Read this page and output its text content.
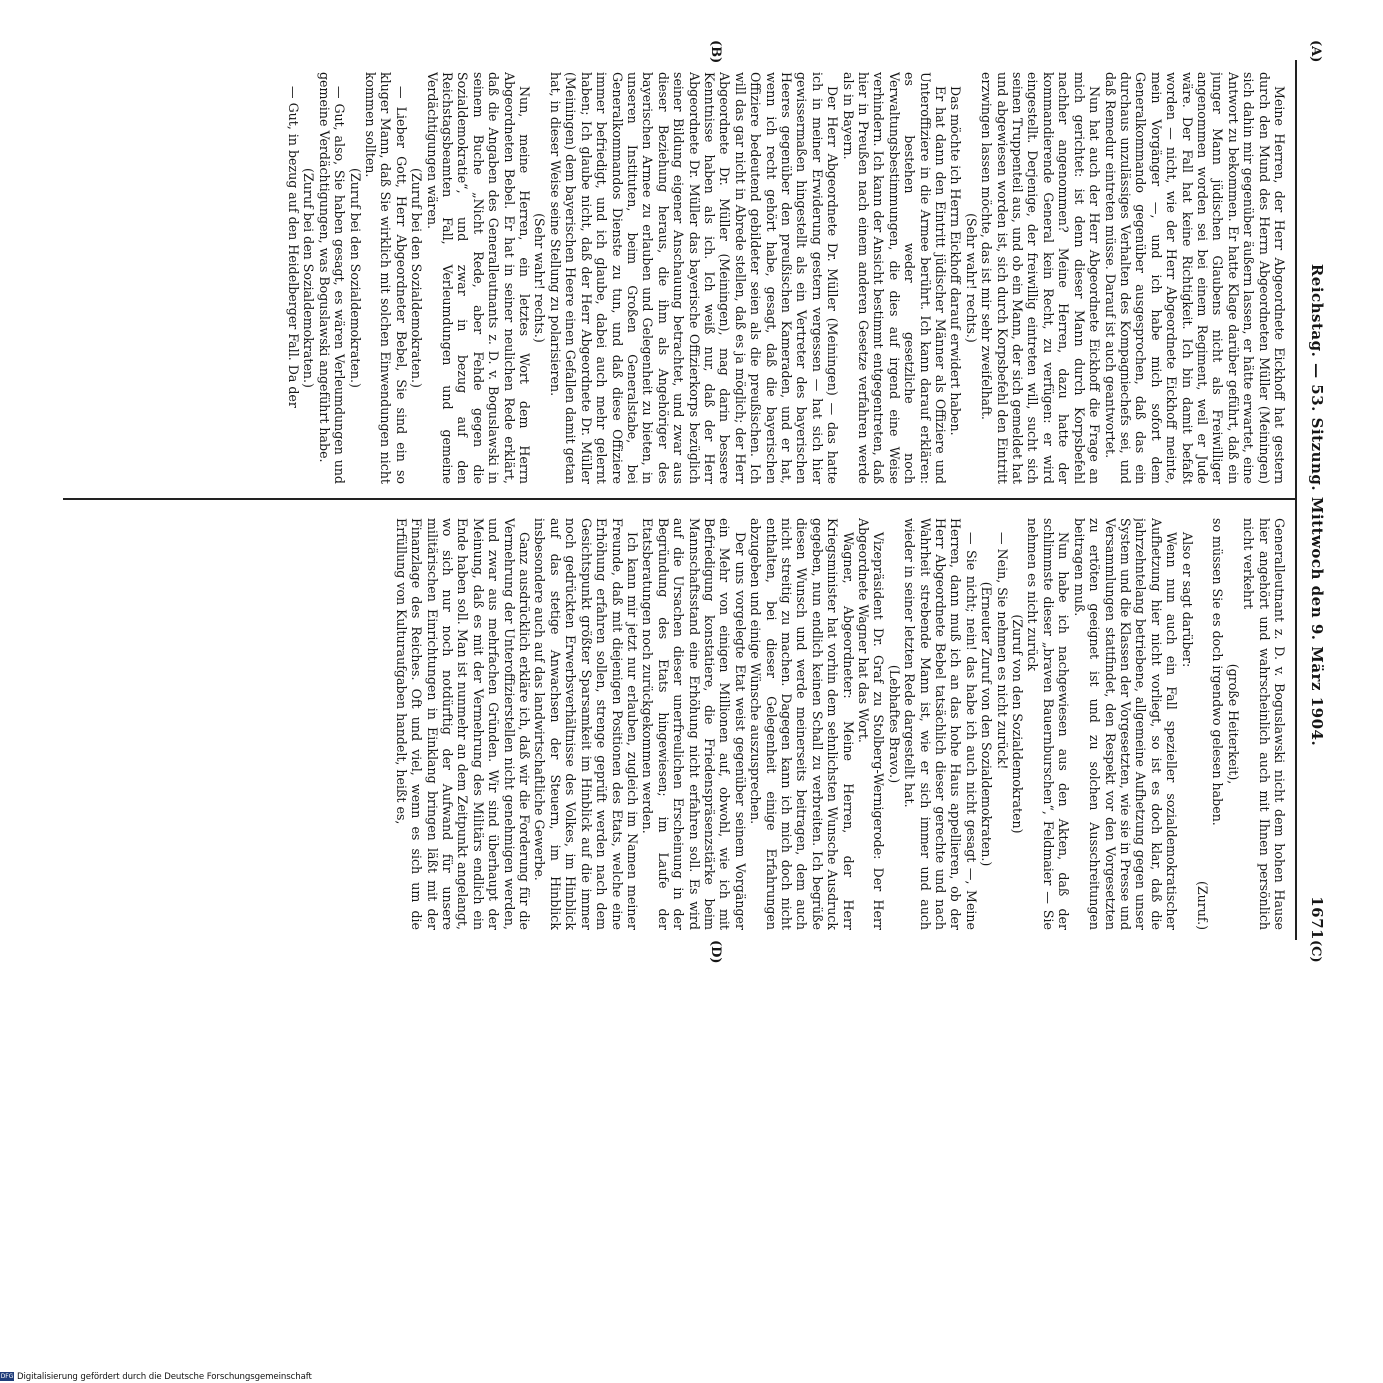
Reichstag. — 53. Sitzung. Mittwoch den 9. März 1904.
1671
(A)
(B)
(C)
(D)

Meine Herren, der Herr Abgeordnete Eickhoff hat gestern durch den Mund des Herrn Abgeordneten Müller (Meiningen) sich dahin mir gegenüber äußern lassen, er hätte erwartet, eine Antwort zu bekommen. Er hatte Klage darüber geführt, daß ein junger Mann jüdischen Glaubens nicht als Freiwilliger angenommen worden sei bei einem Regiment, weil er Jude wäre. Der Fall hat keine Richtigkeit. Ich bin damit befaßt worden — nicht, wie der Herr Abgeordnete Eickhoff meinte, mein Vorgänger —, und ich habe mich sofort dem Generalkommando gegenüber ausgesprochen, daß das ein durchaus unzulässiges Verhalten des Kompagniechefs sei, und daß Remedur eintreten müsse. Darauf ist auch geantwortet.

Nun hat auch der Herr Abgeordnete Eickhoff die Frage an mich gerichtet: ist denn dieser Mann durch Korpsbefehl nachher angenommen? Meine Herren, dazu hatte der kommandierende General kein Recht, zu verfügen: er wird eingestellt. Derjenige, der freiwillig eintreten will, sucht sich seinen Truppenteil aus, und ob ein Mann, der sich gemeldet hat und abgewiesen worden ist, sich durch Korpsbefehl den Eintritt erzwingen lassen möchte, das ist mir sehr zweifelhaft.

(Sehr wahr! rechts.)

Das möchte ich Herrn Eickhoff darauf erwidert haben.

Er hat dann den Eintritt jüdischer Männer als Offiziere und Unteroffiziere in die Armee berührt. Ich kann darauf erklären: es bestehen weder gesetzliche noch Verwaltungsbestimmungen, die dies auf irgend eine Weise verhindern. Ich kann der Ansicht bestimmt entgegentreten, daß hier in Preußen nach einem anderen Gesetze verfahren werde als in Bayern.

Der Herr Abgeordnete Dr. Müller (Meiningen) — das hatte ich in meiner Erwiderung gestern vergessen — hat sich hier gewissermaßen hingestellt als ein Vertreter des bayerischen Heeres gegenüber den preußischen Kameraden, und er hat, wenn ich recht gehört habe, gesagt, daß die bayerischen Offiziere bedeutend gebildeter seien als die preußischen. Ich will das gar nicht in Abrede stellen, daß es ja möglich; der Herr Abgeordnete Dr. Müller (Meiningen), mag darin bessere Kenntnisse haben als ich. Ich weiß nur, daß der Herr Abgeordnete Dr. Müller das bayerische Offizierkorps bezüglich seiner Bildung eigener Anschauung betrachtet, und zwar aus dieser Beziehung heraus, die ihm als Angehöriger des bayerischen Armee zu erlauben und Gelegenheit zu bieten, in unseren Instituten, beim Großen Generalstabe, bei Generalkommandos Dienste zu tun, und daß diese Offiziere immer befriedigt, und ich glaube, dabei auch mehr gelernt haben; Ich glaube nicht, daß der Herr Abgeordnete Dr. Müller (Meiningen) dem bayerischen Heere einen Gefallen damit getan hat, in dieser Weise seine Stellung zu polarisieren.

(Sehr wahr! rechts.)

Nun, meine Herren, ein letztes Wort dem Herrn Abgeordneten Bebel. Er hat in seiner neulichen Rede erklärt, daß die Angaben des Generalleutnants z. D. v. Boguslawski in seinem Buche „Nicht Rede, aber Fehde gegen die Sozialdemokratie“, und zwar in bezug auf den Reichstagsbeamten Fall, Verleumdungen und gemeine Verdächtigungen wären.

(Zuruf bei den Sozialdemokraten.)

— Lieber Gott, Herr Abgeordneter Bebel, Sie sind ein so kluger Mann, daß Sie wirklich mit solchen Einwendungen nicht kommen sollten.

(Zuruf bei den Sozialdemokraten.)

— Gut, also, Sie haben gesagt, es wären Verleumdungen und gemeine Verdächtigungen, was Boguslawski angeführt habe.

(Zuruf bei den Sozialdemokraten.)

— Gut, in bezug auf den Heidelberger Fall. Da der

Generalleutnant z. D. v. Boguslawski nicht dem hohen Hause hier angehört und wahrscheinlich auch mit Ihnen persönlich nicht verkehrt

(große Heiterkeit),

so müssen Sie es doch irgendwo gelesen haben.

(Zuruf.)

Also er sagt darüber:

Wenn nun auch ein Fall spezieller sozialdemokratischer Aufhetzung hier nicht vorliegt, so ist es doch klar, daß die jahrzehntelang betriebene, allgemeine Aufhetzung gegen unser System und die Klassen der Vorgesetzten, wie sie in Presse und Versammlungen stattfindet, den Respekt vor den Vorgesetzten zu ertöten geeignet ist und zu solchen Ausschreitungen beitragen muß.

Nun habe ich nachgewiesen aus den Akten, daß der schlimmste dieser „braven Bauernburschen“, Feldmaier — Sie nehmen es nicht zurück

(Zuruf von den Sozialdemokraten)

— Nein, Sie nehmen es nicht zurück!

(Erneuter Zuruf von den Sozialdemokraten.)

— Sie nicht; nein! das habe ich auch nicht gesagt —, Meine Herren, dann muß ich an das hohe Haus appellieren, ob der Herr Abgeordnete Bebel tatsächlich dieser gerechte und nach Wahrheit strebende Mann ist, wie er sich immer und auch wieder in seiner letzten Rede dargestellt hat.

(Lebhaftes Bravo.)

Vizepräsident Dr. Graf zu Stolberg-Wernigerode: Der Herr Abgeordnete Wagner hat das Wort.

Wagner, Abgeordneter: Meine Herren, der Herr Kriegsminister hat vorhin dem sehnlichsten Wunsche Ausdruck gegeben, nun endlich keinen Schall zu verbreiten. Ich begrüße diesen Wunsch und werde meinerseits beitragen, dem auch nicht streitig zu machen. Dagegen kann ich mich doch nicht enthalten, bei dieser Gelegenheit einige Erfahrungen abzugeben und einige Wünsche auszusprechen.

Der uns vorgelegte Etat weist gegenüber seinem Vorgänger ein Mehr von einigen Millionen auf, obwohl, wie ich mit Befriedigung konstatiere, die Friedenspräsenzstärke beim Mannschaftsstand eine Erhöhung nicht erfahren soll. Es wird auf die Ursachen dieser unerfreulichen Erscheinung in der Begründung des Etats hingewiesen; im Laufe der Etatsberatungen noch zurückgekommen werden.

Ich kann mir jetzt nur erlauben, zugleich im Namen meiner Freunde, daß mit diejenigen Positionen des Etats, welche eine Erhöhung erfahren sollen, strenge geprüft werden nach dem Gesichtspunkt größter Sparsamkeit im Hinblick auf die immer noch gedrückten Erwerbsverhältnisse des Volkes, im Hinblick auf das stetige Anwachsen der Steuern, im Hinblick insbesondere auch auf das landwirtschaftliche Gewerbe.

Ganz ausdrücklich erkläre ich, daß wir die Forderung für die Vermehrung der Unteroffizierstellen nicht genehmigen werden, und zwar aus mehrfachen Gründen. Wir sind überhaupt der Meinung, daß es mit der Vermehrung des Militärs endlich ein Ende haben soll. Man ist nunmehr an dem Zeitpunkt angelangt, wo sich nur noch notdürftig der Aufwand für unsere militärischen Einrichtungen in Einklang bringen läßt mit der Finanzlage des Reiches. Oft und viel, wenn es sich um die Erfüllung von Kulturaufgaben handelt, heißt es,

DFG Digitalisierung gefördert durch die Deutsche Forschungsgemeinschaft
